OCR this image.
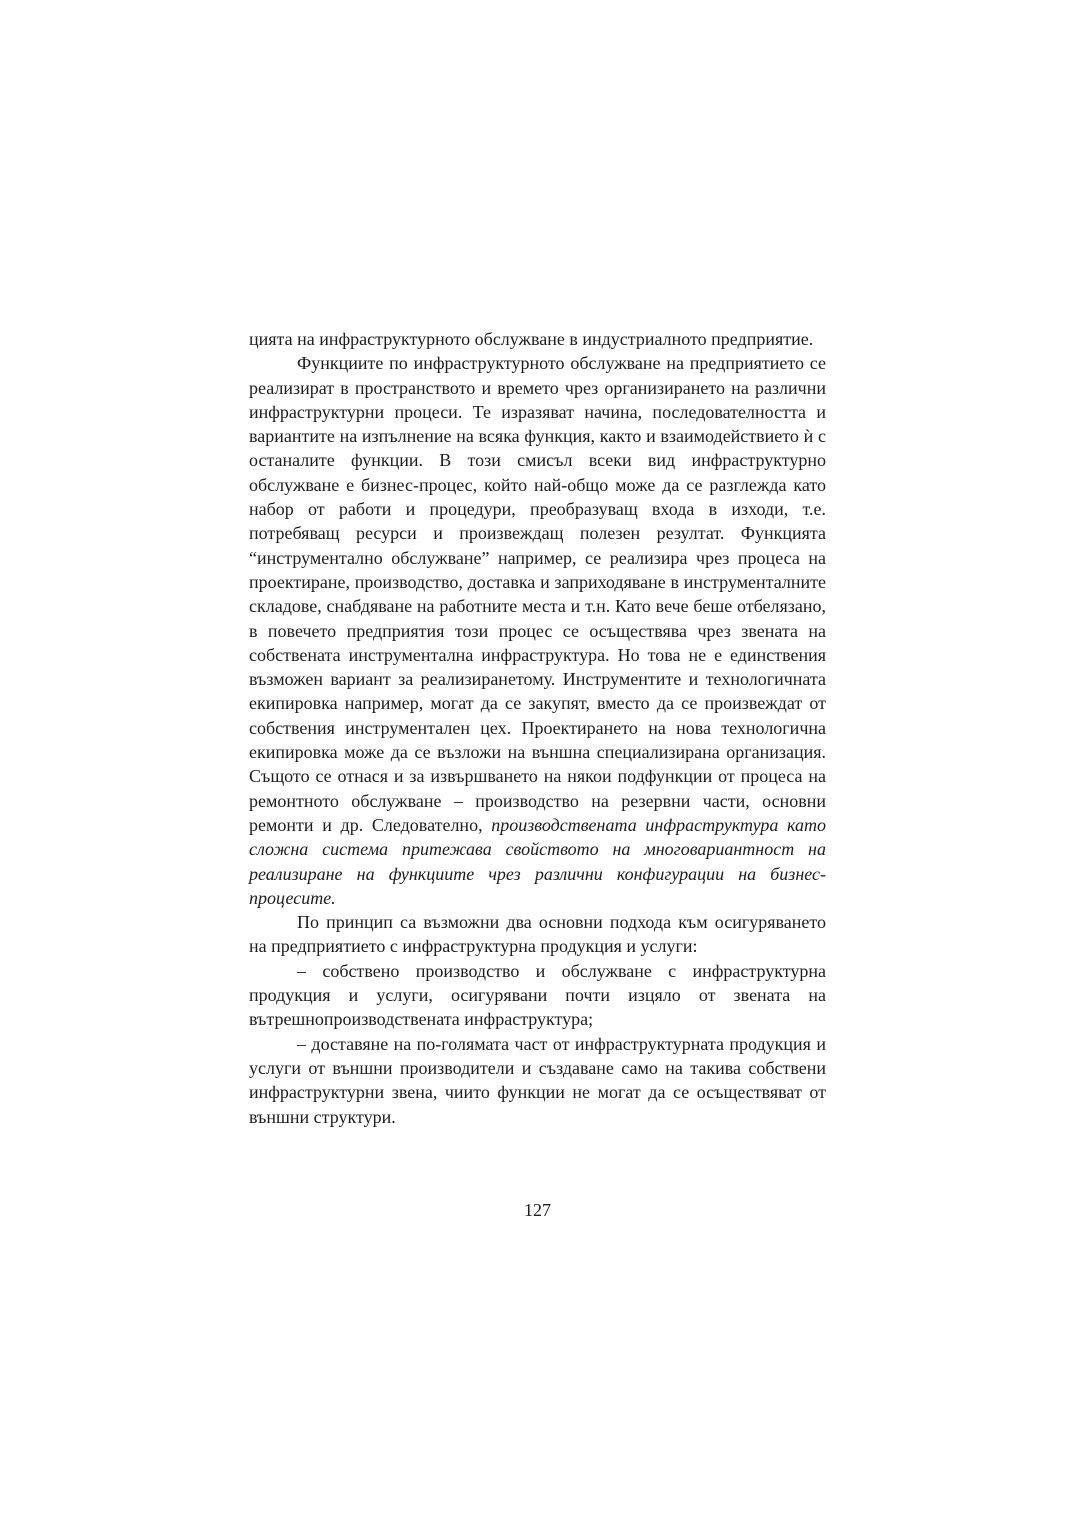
цията на инфраструктурното обслужване в индустриалното предприятие.

Функциите по инфраструктурното обслужване на предприятието се реализират в пространството и времето чрез организирането на различни инфраструктурни процеси. Те изразяват начина, последователността и вариантите на изпълнение на всяка функция, както и взаимодействието ѝ с останалите функции. В този смисъл всеки вид инфраструктурно обслужване е бизнес-процес, който най-общо може да се разглежда като набор от работи и процедури, преобразуващ входа в изходи, т.е. потребяващ ресурси и произвеждащ полезен резултат. Функцията “инструментално обслужване” например, се реализира чрез процеса на проектиране, производство, доставка и заприходяване в инструменталните складове, снабдяване на работните места и т.н. Като вече беше отбелязано, в повечето предприятия този процес се осъществява чрез звената на собствената инструментална инфраструктура. Но това не е единствения възможен вариант за реализиранетому. Инструментите и технологичната екипировка например, могат да се закупят, вместо да се произвеждат от собствения инструментален цех. Проектирането на нова технологична екипировка може да се възложи на външна специализирана организация. Същото се отнася и за извършването на някои подфункции от процеса на ремонтното обслужване – производство на резервни части, основни ремонти и др. Следователно, производствената инфраструктура като сложна система притежава свойството на многовариантност на реализиране на функциите чрез различни конфигурации на бизнес-процесите.

По принцип са възможни два основни подхода към осигуряването на предприятието с инфраструктурна продукция и услуги:

– собствено производство и обслужване с инфраструктурна продукция и услуги, осигурявани почти изцяло от звената на вътрешнопроизводствената инфраструктура;

– доставяне на по-голямата част от инфраструктурната продукция и услуги от външни производители и създаване само на такива собствени инфраструктурни звена, чиито функции не могат да се осъществяват от външни структури.

127
